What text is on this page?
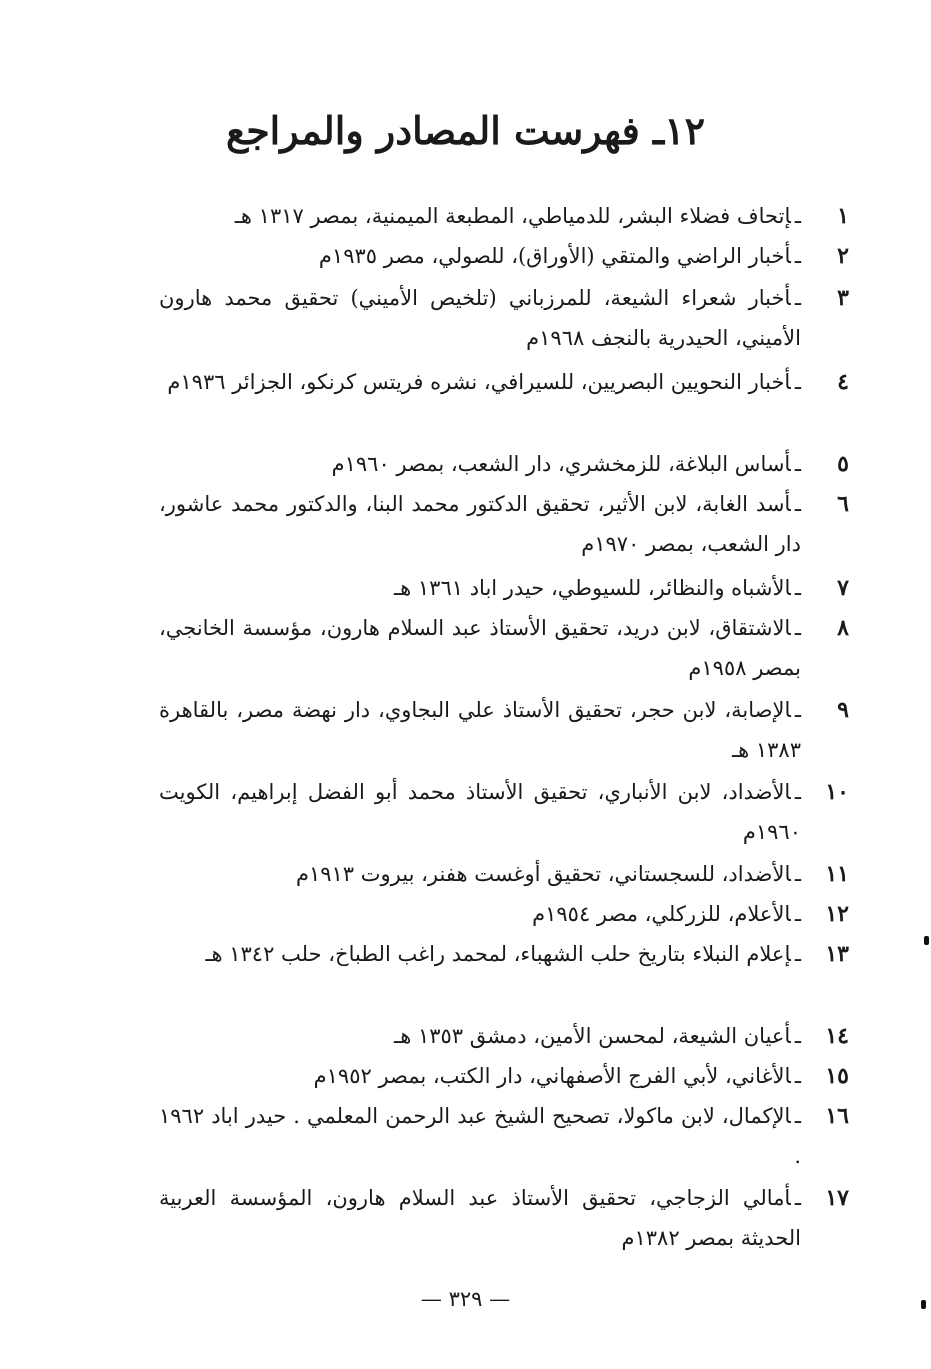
١٢ـ فهرست المصادر والمراجع
١
ـإتحاف فضلاء البشر، للدمياطي، المطبعة الميمنية، بمصر ١٣١٧ هـ
٢
ـأخبار الراضي والمتقي (الأوراق)، للصولي، مصر ١٩٣٥م
٣
ـأخبار شعراء الشيعة، للمرزباني (تلخيص الأميني) تحقيق محمد هارون الأميني، الحيدرية بالنجف ١٩٦٨م
٤
ـأخبار النحويين البصريين، للسيرافي، نشره فريتس كرنكو، الجزائر ١٩٣٦م
٥
ـأساس البلاغة، للزمخشري، دار الشعب، بمصر ١٩٦٠م
٦
ـأسد الغابة، لابن الأثير، تحقيق الدكتور محمد البنا، والدكتور محمد عاشور، دار الشعب، بمصر ١٩٧٠م
٧
ـالأشباه والنظائر، للسيوطي، حيدر اباد ١٣٦١ هـ
٨
ـالاشتقاق، لابن دريد، تحقيق الأستاذ عبد السلام هارون، مؤسسة الخانجي، بمصر ١٩٥٨م
٩
ـالإصابة، لابن حجر، تحقيق الأستاذ علي البجاوي، دار نهضة مصر، بالقاهرة ١٣٨٣ هـ
١٠
ـالأضداد، لابن الأنباري، تحقيق الأستاذ محمد أبو الفضل إبراهيم، الكويت ١٩٦٠م
١١
ـالأضداد، للسجستاني، تحقيق أوغست هفنر، بيروت ١٩١٣م
١٢
ـالأعلام، للزركلي، مصر ١٩٥٤م
١٣
ـإعلام النبلاء بتاريخ حلب الشهباء، لمحمد راغب الطباخ، حلب ١٣٤٢ هـ
١٤
ـأعيان الشيعة، لمحسن الأمين، دمشق ١٣٥٣ هـ
١٥
ـالأغاني، لأبي الفرج الأصفهاني، دار الكتب، بمصر ١٩٥٢م
١٦
ـالإكمال، لابن ماكولا، تصحيح الشيخ عبد الرحمن المعلمي . حيدر اباد ١٩٦٢ .
١٧
ـأمالي الزجاجي، تحقيق الأستاذ عبد السلام هارون، المؤسسة العربية الحديثة بمصر ١٣٨٢م
— ٣٢٩ —
